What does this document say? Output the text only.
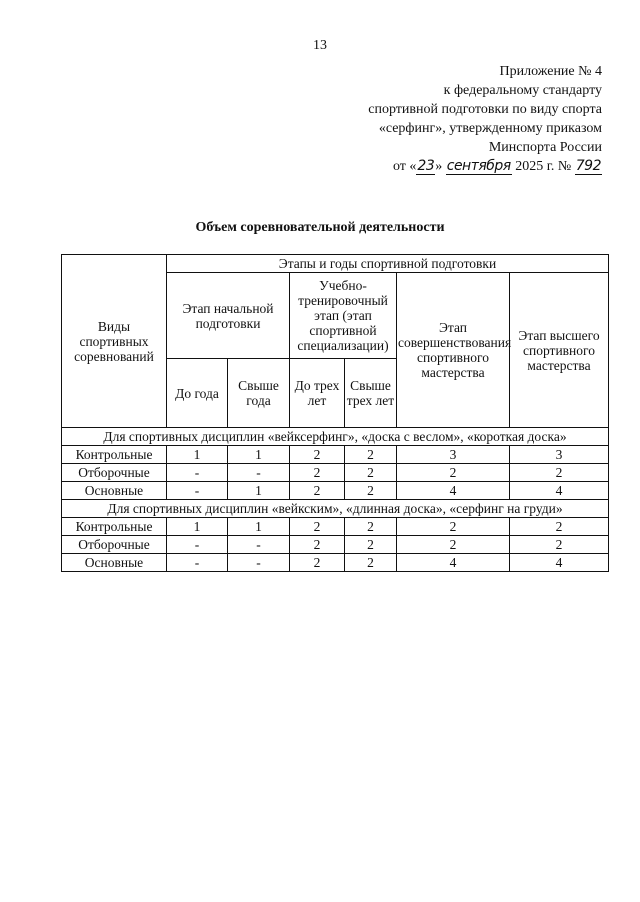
13
Приложение № 4
к федеральному стандарту
спортивной подготовки по виду спорта
«серфинг», утвержденному приказом
Минспорта России
от «23» сентября 2025 г. № 792
Объем соревновательной деятельности
Виды спортивных соревнований	Этапы и годы спортивной подготовки					
	Этап начальной подготовки		Учебно-тренировочный этап (этап спортивной специализации)		Этап совершенствования спортивного мастерства	Этап высшего спортивного мастерства
	До года	Свыше года	До трех лет	Свыше трех лет		
Для спортивных дисциплин «вейксерфинг», «доска с веслом», «короткая доска»						
Контрольные	1	1	2	2	3	3
Отборочные	-	-	2	2	2	2
Основные	-	1	2	2	4	4
Для спортивных дисциплин «вейкским», «длинная доска», «серфинг на груди»						
Контрольные	1	1	2	2	2	2
Отборочные	-	-	2	2	2	2
Основные	-	-	2	2	4	4
